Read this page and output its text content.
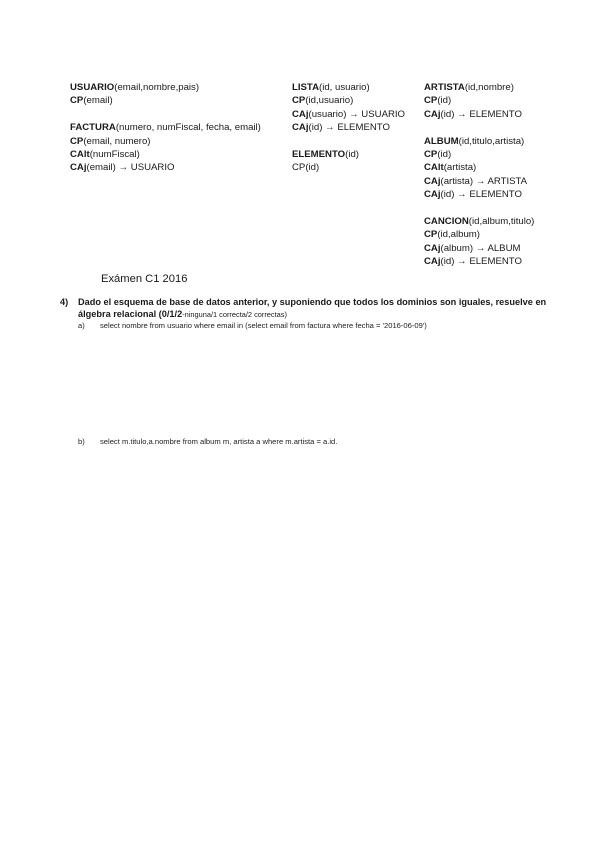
USUARIO(email,nombre,pais)
CP(email)
FACTURA(numero, numFiscal, fecha, email)
CP(email, numero)
CAlt(numFiscal)
CAj(email) → USUARIO
LISTA(id, usuario)
CP(id,usuario)
CAj(usuario) → USUARIO
CAj(id) → ELEMENTO
ELEMENTO(id)
CP(id)
ARTISTA(id,nombre)
CP(id)
CAj(id) → ELEMENTO
ALBUM(id,titulo,artista)
CP(id)
CAlt(artista)
CAj(artista) → ARTISTA
CAj(id) → ELEMENTO
CANCION(id,album,titulo)
CP(id,album)
CAj(album) → ALBUM
CAj(id) → ELEMENTO
Exámen C1 2016
4) Dado el esquema de base de datos anterior, y suponiendo que todos los dominios son iguales, resuelve en álgebra relacional (0/1/2-ninguna/1 correcta/2 correctas)
a) select nombre from usuario where email in (select email from factura where fecha = '2016-06-09')
b) select m.titulo,a.nombre from album m, artista a where m.artista = a.id.
